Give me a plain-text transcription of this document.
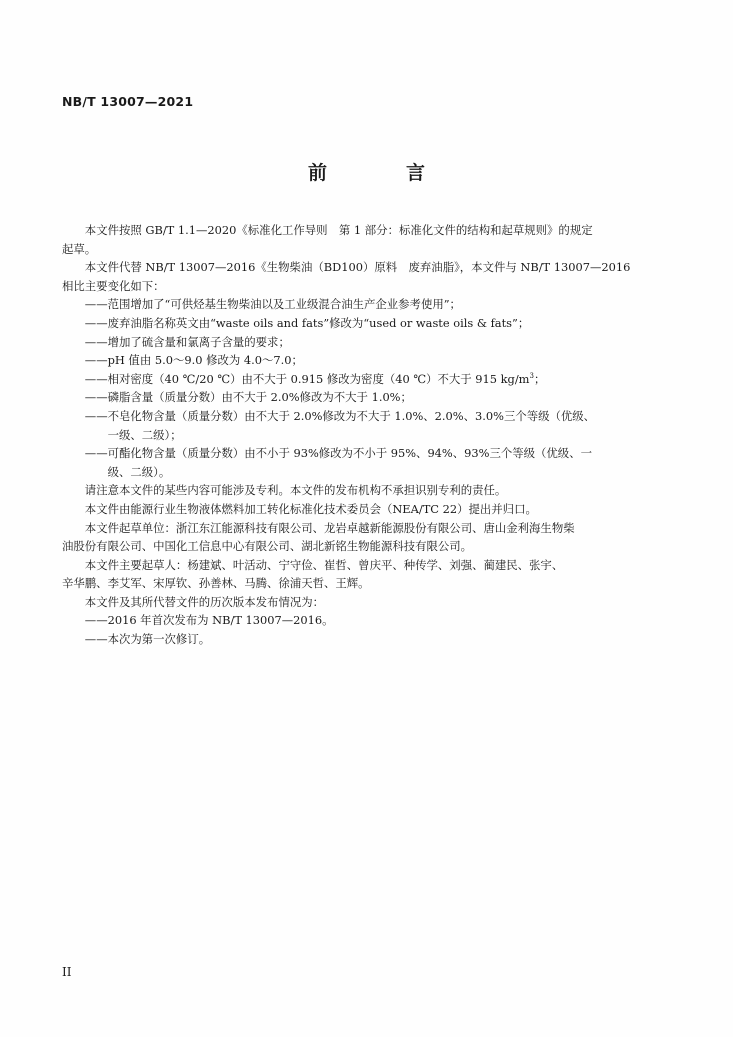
NB/T 13007—2021
前　言

本文件按照 GB/T 1.1—2020《标准化工作导则　第 1 部分：标准化文件的结构和起草规则》的规定
起草。

本文件代替 NB/T 13007—2016《生物柴油（BD100）原料　废弃油脂》，本文件与 NB/T 13007—2016
相比主要变化如下：

——范围增加了“可供烃基生物柴油以及工业级混合油生产企业参考使用”；

——废弃油脂名称英文由“waste oils and fats”修改为“used or waste oils & fats”；

——增加了硫含量和氯离子含量的要求；

——pH 值由 5.0～9.0 修改为 4.0～7.0；

——相对密度（40 ℃/20 ℃）由不大于 0.915 修改为密度（40 ℃）不大于 915 $kg/m^3$；

——磷脂含量（质量分数）由不大于 2.0%修改为不大于 1.0%；

——不皂化物含量（质量分数）由不大于 2.0%修改为不大于 1.0%、2.0%、3.0%三个等级（优级、
一级、二级）；

——可酯化物含量（质量分数）由不小于 93%修改为不小于 95%、94%、93%三个等级（优级、一
级、二级）。

请注意本文件的某些内容可能涉及专利。本文件的发布机构不承担识别专利的责任。

本文件由能源行业生物液体燃料加工转化标准化技术委员会（NEA/TC 22）提出并归口。

本文件起草单位：浙江东江能源科技有限公司、龙岩卓越新能源股份有限公司、唐山金利海生物柴
油股份有限公司、中国化工信息中心有限公司、湖北新铭生物能源科技有限公司。

本文件主要起草人：杨建斌、叶活动、宁守俭、崔哲、曾庆平、种传学、刘强、蔺建民、张宇、
辛华鹏、李艾军、宋厚钦、孙善林、马腾、徐浦天哲、王辉。

本文件及其所代替文件的历次版本发布情况为：

——2016 年首次发布为 NB/T 13007—2016。

——本次为第一次修订。

II
